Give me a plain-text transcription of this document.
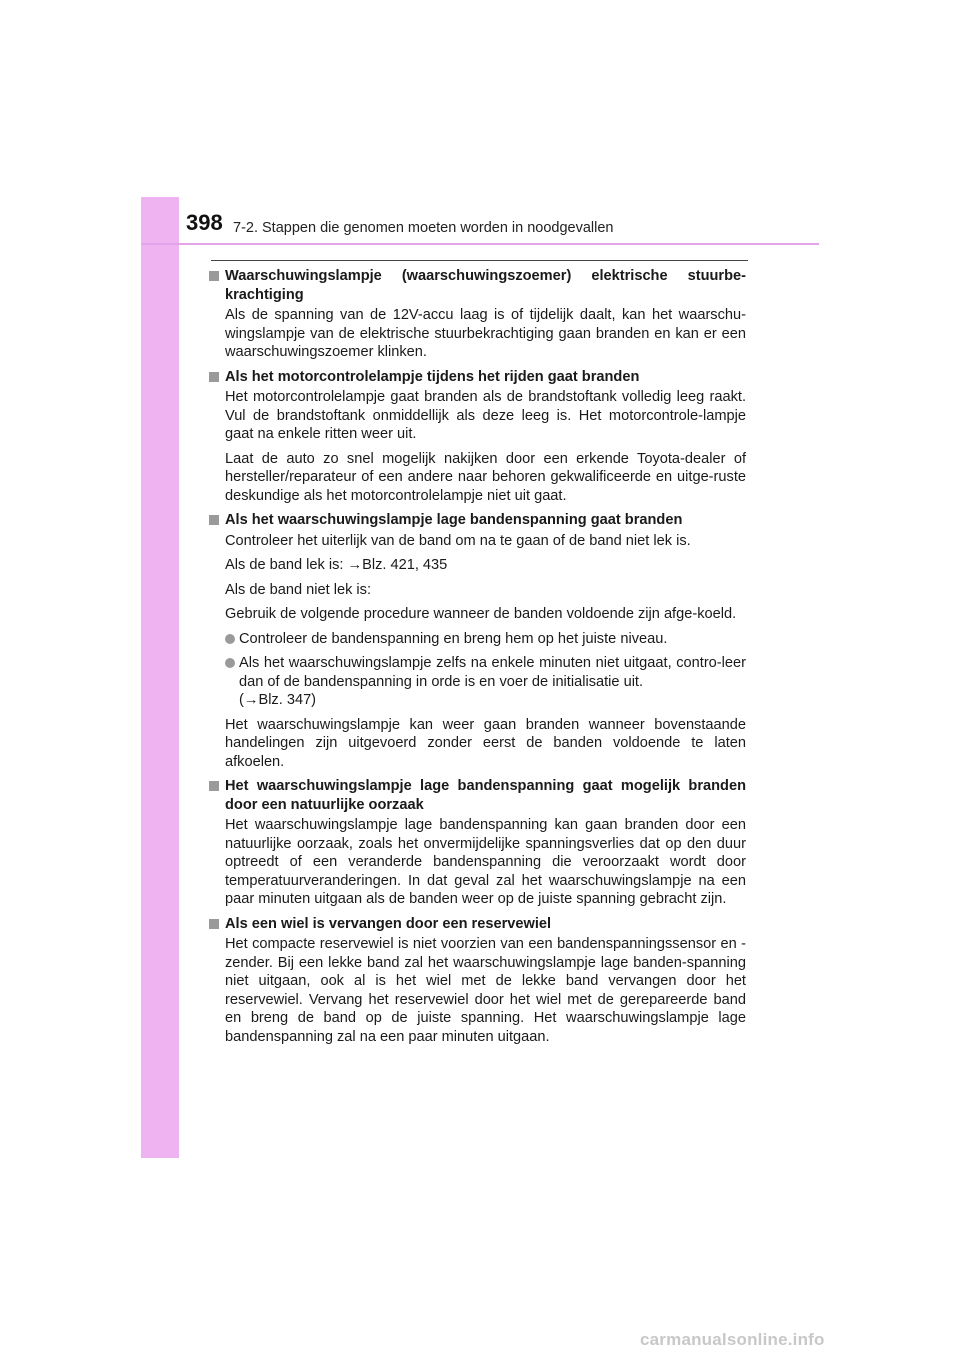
398 7-2. Stappen die genomen moeten worden in noodgevallen
Waarschuwingslampje (waarschuwingszoemer) elektrische stuurbe-krachtiging

Als de spanning van de 12V-accu laag is of tijdelijk daalt, kan het waarschu-wingslampje van de elektrische stuurbekrachtiging gaan branden en kan er een waarschuwingszoemer klinken.

Als het motorcontrolelampje tijdens het rijden gaat branden

Het motorcontrolelampje gaat branden als de brandstoftank volledig leeg raakt. Vul de brandstoftank onmiddellijk als deze leeg is. Het motorcontrole-lampje gaat na enkele ritten weer uit.

Laat de auto zo snel mogelijk nakijken door een erkende Toyota-dealer of hersteller/reparateur of een andere naar behoren gekwalificeerde en uitge-ruste deskundige als het motorcontrolelampje niet uit gaat.

Als het waarschuwingslampje lage bandenspanning gaat branden

Controleer het uiterlijk van de band om na te gaan of de band niet lek is.

Als de band lek is: →Blz. 421, 435

Als de band niet lek is:

Gebruik de volgende procedure wanneer de banden voldoende zijn afge-koeld.

Controleer de bandenspanning en breng hem op het juiste niveau.
Als het waarschuwingslampje zelfs na enkele minuten niet uitgaat, contro-leer dan of de bandenspanning in orde is en voer de initialisatie uit.
(→Blz. 347)

Het waarschuwingslampje kan weer gaan branden wanneer bovenstaande handelingen zijn uitgevoerd zonder eerst de banden voldoende te laten afkoelen.

Het waarschuwingslampje lage bandenspanning gaat mogelijk branden door een natuurlijke oorzaak

Het waarschuwingslampje lage bandenspanning kan gaan branden door een natuurlijke oorzaak, zoals het onvermijdelijke spanningsverlies dat op den duur optreedt of een veranderde bandenspanning die veroorzaakt wordt door temperatuurveranderingen. In dat geval zal het waarschuwingslampje na een paar minuten uitgaan als de banden weer op de juiste spanning gebracht zijn.

Als een wiel is vervangen door een reservewiel

Het compacte reservewiel is niet voorzien van een bandenspanningssensor en -zender. Bij een lekke band zal het waarschuwingslampje lage banden-spanning niet uitgaan, ook al is het wiel met de lekke band vervangen door het reservewiel. Vervang het reservewiel door het wiel met de gerepareerde band en breng de band op de juiste spanning. Het waarschuwingslampje lage bandenspanning zal na een paar minuten uitgaan.

carmanualsonline.info
